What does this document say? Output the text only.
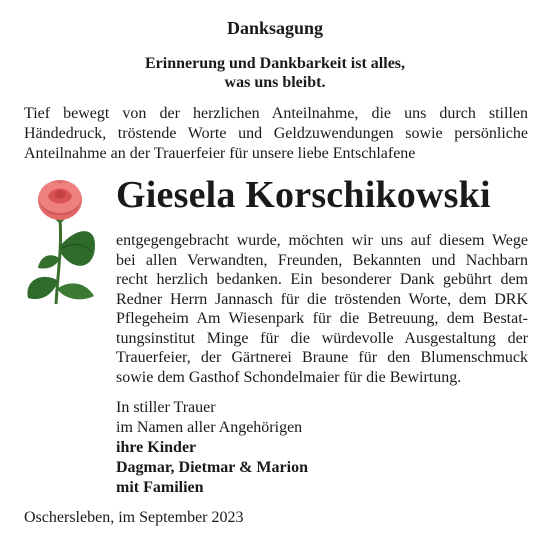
Danksagung
Erinnerung und Dankbarkeit ist alles,
was uns bleibt.
Tief bewegt von der herzlichen Anteilnahme, die uns durch stillen
Händedruck, tröstende Worte und Geldzuwendungen sowie persönliche
Anteilnahme an der Trauerfeier für unsere liebe Entschlafene
Giesela Korschikowski
entgegengebracht wurde, möchten wir uns auf diesem Wege
bei allen Verwandten, Freunden, Bekannten und Nachbarn
recht herzlich bedanken. Ein besonderer Dank gebührt dem
Redner Herrn Jannasch für die tröstenden Worte, dem DRK
Pflegeheim Am Wiesenpark für die Betreuung, dem Bestat-
tungsinstitut Minge für die würdevolle Ausgestaltung der
Trauerfeier, der Gärtnerei Braune für den Blumenschmuck
sowie dem Gasthof Schondelmaier für die Bewirtung.
In stiller Trauer
im Namen aller Angehörigen
ihre Kinder
Dagmar, Dietmar & Marion
mit Familien
Oschersleben, im September 2023
